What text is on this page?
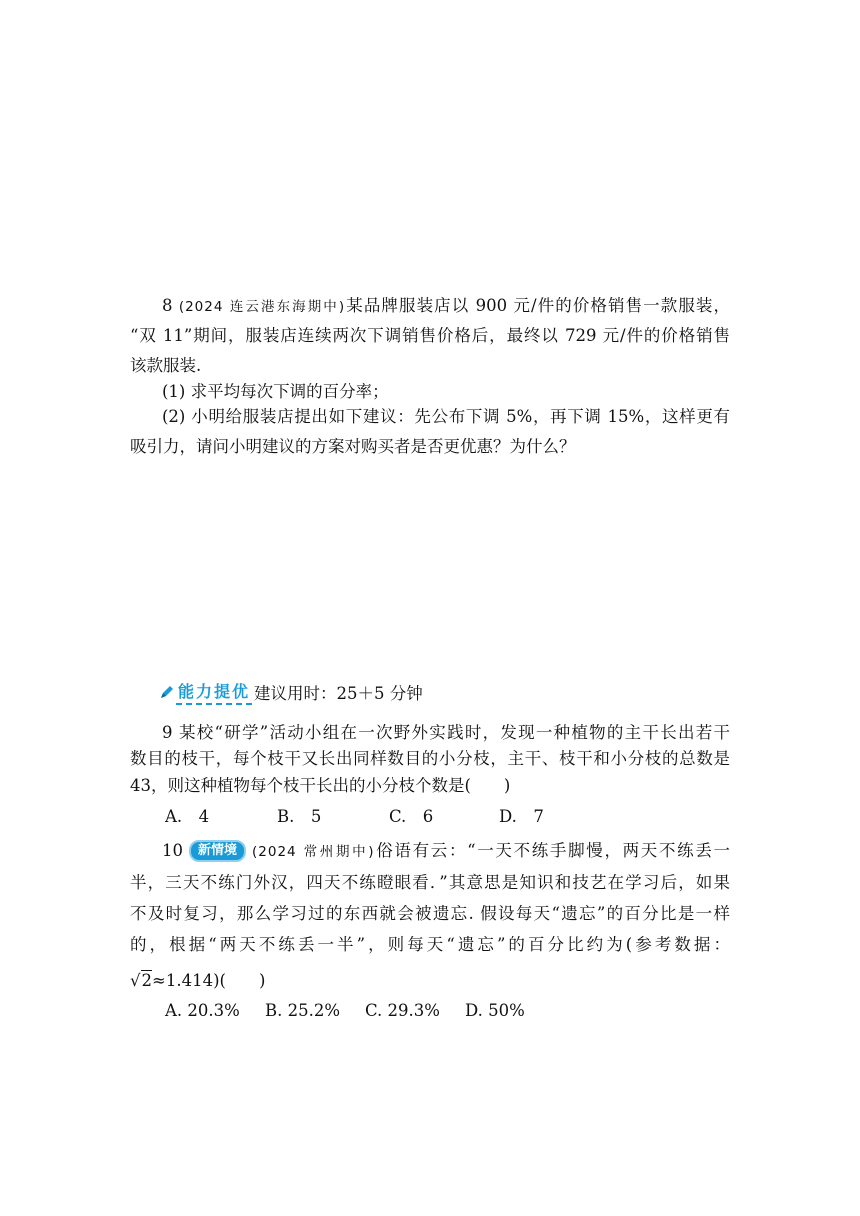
8 (2024 连云港东海期中)某品牌服装店以 900 元/件的价格销售一款服装，
“双 11”期间，服装店连续两次下调销售价格后，最终以 729 元/件的价格销售
该款服装.
(1) 求平均每次下调的百分率；
(2) 小明给服装店提出如下建议：先公布下调 5%，再下调 15%，这样更有
吸引力，请问小明建议的方案对购买者是否更优惠？为什么？
能力提优 建议用时：25＋5 分钟
9 某校“研学”活动小组在一次野外实践时，发现一种植物的主干长出若干
数目的枝干，每个枝干又长出同样数目的小分枝，主干、枝干和小分枝的总数是
43，则这种植物每个枝干长出的小分枝个数是(　　)
A.　4	B.　5	C.　6	D.　7
10 新情境 (2024 常州期中)俗语有云：“一天不练手脚慢，两天不练丢一
半，三天不练门外汉，四天不练瞪眼看．”其意思是知识和技艺在学习后，如果
不及时复习，那么学习过的东西就会被遗忘. 假设每天“遗忘”的百分比是一样
的，根据“两天不练丢一半”，则每天“遗忘”的百分比约为(参考数据：
√2≈1.414)(　　)
A. 20.3% B. 25.2% C. 29.3% D. 50%
